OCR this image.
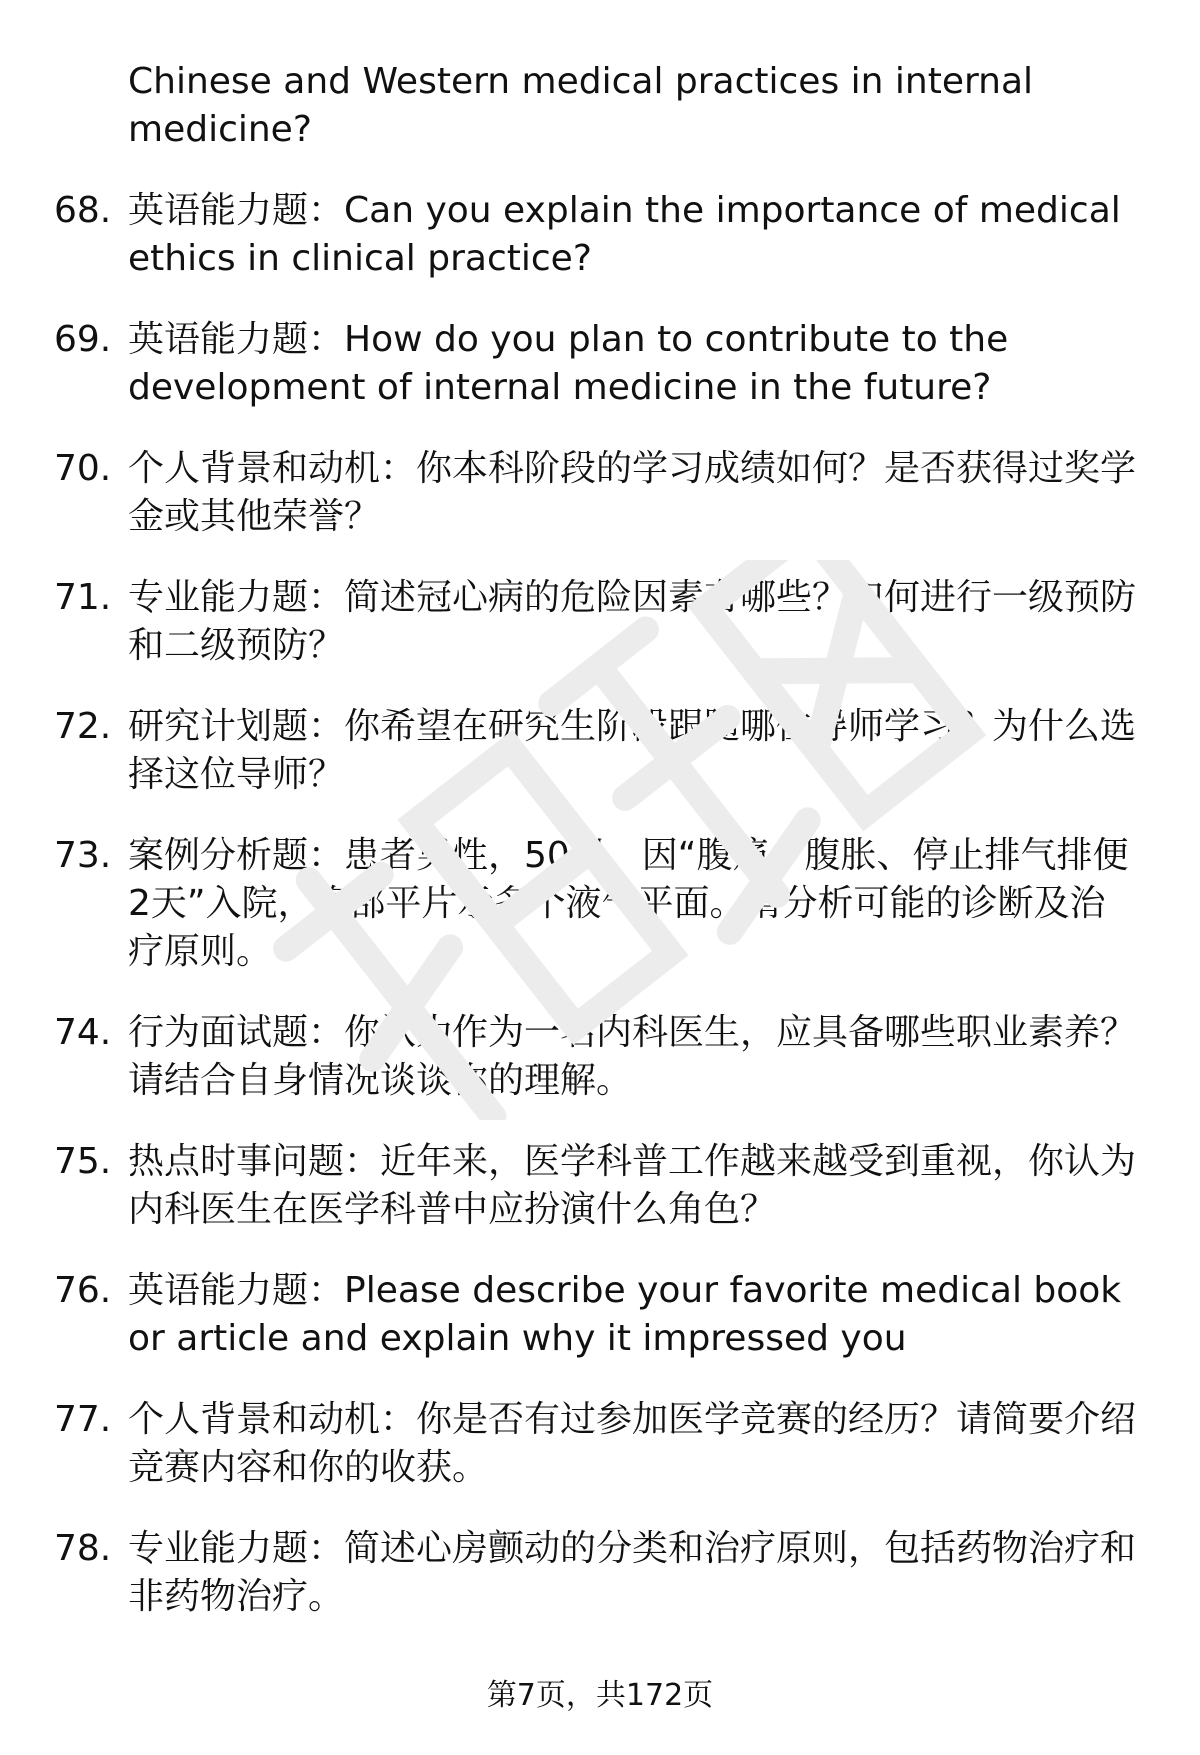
Chinese and Western medical practices in internal medicine?
68. 英语能力题：Can you explain the importance of medical ethics in clinical practice?
69. 英语能力题：How do you plan to contribute to the development of internal medicine in the future?
70. 个人背景和动机：你本科阶段的学习成绩如何？是否获得过奖学金或其他荣誉？
71. 专业能力题：简述冠心病的危险因素有哪些？如何进行一级预防和二级预防？
72. 研究计划题：你希望在研究生阶段跟随哪位导师学习？为什么选择这位导师？
73. 案例分析题：患者男性，50岁，因“腹痛、腹胀、停止排气排便2天”入院，腹部平片示多个液气平面。请分析可能的诊断及治疗原则。
74. 行为面试题：你认为作为一名内科医生，应具备哪些职业素养？请结合自身情况谈谈你的理解。
75. 热点时事问题：近年来，医学科普工作越来越受到重视，你认为内科医生在医学科普中应扮演什么角色？
76. 英语能力题：Please describe your favorite medical book or article and explain why it impressed you
77. 个人背景和动机：你是否有过参加医学竞赛的经历？请简要介绍竞赛内容和你的收获。
78. 专业能力题：简述心房颤动的分类和治疗原则，包括药物治疗和非药物治疗。
第7页，共172页
